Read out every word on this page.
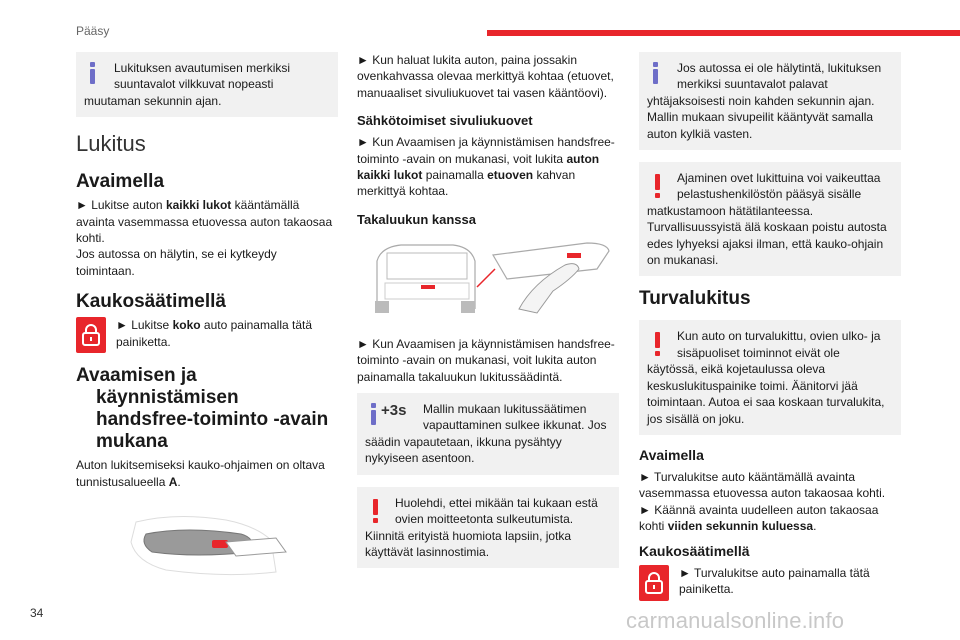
Pääsy
Lukituksen avautumisen merkiksi suuntavalot vilkkuvat nopeasti muutaman sekunnin ajan.
Lukitus
Avaimella

► Lukitse auton kaikki lukot kääntämällä avainta vasemmassa etuovessa auton takaosaa kohti.
Jos autossa on hälytin, se ei kytkeydy toimintaan.

Kaukosäätimellä
► Lukitse koko auto painamalla tätä painiketta.
Avaamisen ja käynnistämisen handsfree-toiminto -avain mukana

Auton lukitsemiseksi kauko-ohjaimen on oltava tunnistusalueella A.

► Kun haluat lukita auton, paina jossakin ovenkahvassa olevaa merkittyä kohtaa (etuovet, manuaaliset sivuliukuovet tai vasen kääntöovi).

Sähkötoimiset sivuliukuovet

► Kun Avaamisen ja käynnistämisen handsfree-toiminto -avain on mukanasi, voit lukita auton kaikki lukot painamalla etuoven kahvan merkittyä kohtaa.

Takaluukun kanssa

► Kun Avaamisen ja käynnistämisen handsfree-toiminto -avain on mukanasi, voit lukita auton painamalla takaluukun lukitussäädintä.

+3s Mallin mukaan lukitussäätimen vapauttaminen sulkee ikkunat. Jos säädin vapautetaan, ikkuna pysähtyy nykyiseen asentoon.
Huolehdi, ettei mikään tai kukaan estä ovien moitteetonta sulkeutumista. Kiinnitä erityistä huomiota lapsiin, jotka käyttävät lasinnostimia.
Jos autossa ei ole hälytintä, lukituksen merkiksi suuntavalot palavat yhtäjaksoisesti noin kahden sekunnin ajan. Mallin mukaan sivupeilit kääntyvät samalla auton kylkiä vasten.
Ajaminen ovet lukittuina voi vaikeuttaa pelastushenkilöstön pääsyä sisälle matkustamoon hätätilanteessa. Turvallisuussyistä älä koskaan poistu autosta edes lyhyeksi ajaksi ilman, että kauko-ohjain on mukanasi.
Turvalukitus
Kun auto on turvalukittu, ovien ulko- ja sisäpuoliset toiminnot eivät ole käytössä, eikä kojetaulussa oleva keskuslukituspainike toimi. Äänitorvi jää toimintaan. Autoa ei saa koskaan turvalukita, jos sisällä on joku.
Avaimella

► Turvalukitse auto kääntämällä avainta vasemmassa etuovessa auton takaosaa kohti.

► Käännä avainta uudelleen auton takaosaa kohti viiden sekunnin kuluessa.

Kaukosäätimellä
► Turvalukitse auto painamalla tätä painiketta.
34	carmanualsonline.info
